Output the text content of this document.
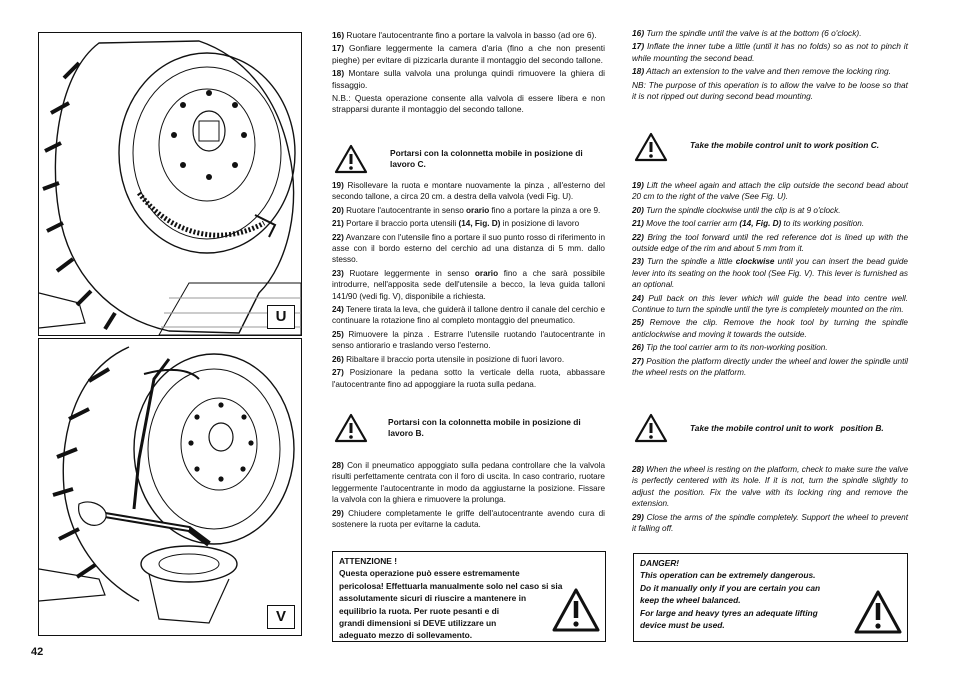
U
V

16) Ruotare l'autocentrante fino a portare la valvola in basso (ad ore 6).

17) Gonfiare leggermente la camera d'aria (fino a che non presenti pieghe) per evitare di pizzicarla durante il montaggio del secondo tallone.

18) Montare sulla valvola una prolunga quindi rimuovere la ghiera di fissaggio.

N.B.: Questa operazione consente alla valvola di essere libera e non strapparsi durante il montaggio del secondo tallone.

Portarsi con la colonnetta mobile in posizione di lavoro C.

19) Risollevare la ruota e montare nuovamente la pinza , all'esterno del secondo tallone, a circa 20 cm. a destra della valvola (vedi Fig. U).

20) Ruotare l'autocentrante in senso orario fino a portare la pinza a ore 9.

21) Portare il braccio porta utensili (14, Fig. D) in posizione di lavoro

22) Avanzare con l'utensile fino a portare il suo punto rosso di riferimento in asse con il bordo esterno del cerchio ad una distanza di 5 mm. dallo stesso.

23) Ruotare leggermente in senso orario fino a che sarà possibile introdurre, nell'apposita sede dell'utensile a becco, la leva guida talloni 141/90 (vedi fig. V), disponibile a richiesta.

24) Tenere tirata la leva, che guiderà il tallone dentro il canale del cerchio e continuare la rotazione fino al completo montaggio del pneumatico.

25) Rimuovere la pinza . Estrarre l'utensile ruotando l'autocentrante in senso antiorario e traslando verso l'esterno.

26) Ribaltare il braccio porta utensile in posizione di fuori lavoro.

27) Posizionare la pedana sotto la verticale della ruota, abbassare l'autocentrante fino ad appoggiare la ruota sulla pedana.

Portarsi con la colonnetta mobile in posizione di lavoro B.

28) Con il pneumatico appoggiato sulla pedana controllare che la valvola risulti perfettamente centrata con il foro di uscita. In caso contrario, ruotare leggermente l'autocentrante in modo da aggiustarne la posizione. Fissare la valvola con la ghiera e rimuovere la prolunga.

29) Chiudere completamente le griffe dell'autocentrante avendo cura di sostenere la ruota per evitarne la caduta.

ATTENZIONE !
Questa operazione può essere estremamente
pericolosa! Effettuarla manualmente solo nel caso si sia
assolutamente sicuri di riuscire a mantenere in
equilibrio la ruota. Per ruote pesanti e di
grandi dimensioni si DEVE utilizzare un
adeguato mezzo di sollevamento.

16) Turn the spindle until the valve is at the bottom (6 o'clock).

17) Inflate the inner tube a little (until it has no folds) so as not to pinch it while mounting the second bead.

18) Attach an extension to the valve and then remove the locking ring.

NB: The purpose of this operation is to allow the valve to be loose so that it is not ripped out during second bead mounting.

Take the mobile control unit to work position C.

19) Lift the wheel again and attach the clip outside the second bead about 20 cm to the right of the valve (See Fig. U).

20) Turn the spindle clockwise until the clip is at 9 o'clock.

21) Move the tool carrier arm (14, Fig. D) to its working position.

22) Bring the tool forward until the red reference dot is lined up with the outside edge of the rim and about 5 mm from it.

23) Turn the spindle a little clockwise until you can insert the bead guide lever into its seating on the hook tool (See Fig. V). This lever is furnished as an optional.

24) Pull back on this lever which will guide the bead into centre well. Continue to turn the spindle until the tyre is completely mounted on the rim.

25) Remove the clip. Remove the hook tool by turning the spindle anticlockwise and moving it towards the outside.

26) Tip the tool carrier arm to its non-working position.

27) Position the platform directly under the wheel and lower the spindle until the wheel rests on the platform.

Take the mobile control unit to work   position B.

28) When the wheel is resting on the platform, check to make sure the valve is perfectly centered with its hole. If it is not, turn the spindle slightly to adjust the position. Fix the valve with its locking ring and remove the extension.

29) Close the arms of the spindle completely. Support the wheel to prevent it falling off.

DANGER!
This operation can be extremely dangerous.
Do it manually only if you are certain you can
keep the wheel balanced.
For large and heavy tyres an adequate lifting
device must be used.
42
